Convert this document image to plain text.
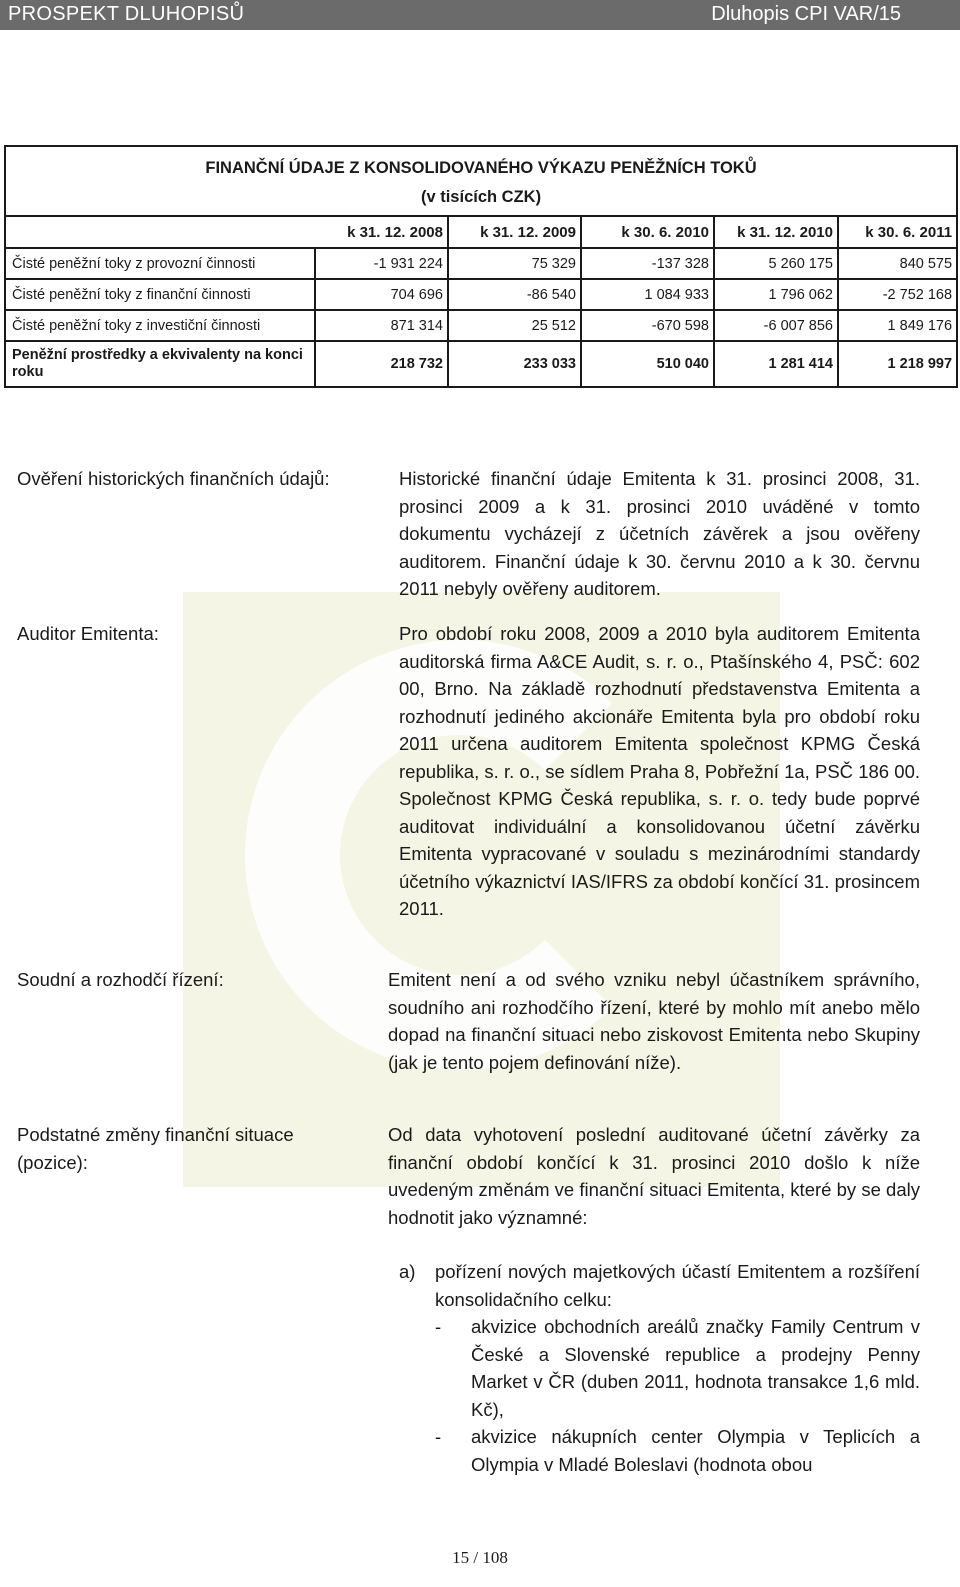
PROSPEKT DLUHOPISŮ	Dluhopis CPI VAR/15
FINANČNÍ ÚDAJE Z KONSOLIDOVANÉHO VÝKAZU PENĚŽNÍCH TOKŮ
(v tisících CZK)					

	k 31. 12. 2008	k 31. 12. 2009	k 30. 6. 2010	k 31. 12. 2010	k 30. 6. 2011
Čisté peněžní toky z provozní činnosti	-1 931 224	75 329	-137 328	5 260 175	840 575
Čisté peněžní toky z finanční činnosti	704 696	-86 540	1 084 933	1 796 062	-2 752 168
Čisté peněžní toky z investiční činnosti	871 314	25 512	-670 598	-6 007 856	1 849 176
Peněžní prostředky a ekvivalenty na konci roku	218 732	233 033	510 040	1 281 414	1 218 997
Ověření historických finančních údajů:	Historické finanční údaje Emitenta k 31. prosinci 2008, 31. prosinci 2009 a k 31. prosinci 2010 uváděné v tomto dokumentu vycházejí z účetních závěrek a jsou ověřeny auditorem. Finanční údaje k 30. červnu 2010 a k 30. červnu 2011 nebyly ověřeny auditorem.
Auditor Emitenta:	Pro období roku 2008, 2009 a 2010 byla auditorem Emitenta auditorská firma A&CE Audit, s. r. o., Ptašínského 4, PSČ: 602 00, Brno. Na základě rozhodnutí představenstva Emitenta a rozhodnutí jediného akcionáře Emitenta byla pro období roku 2011 určena auditorem Emitenta společnost KPMG Česká republika, s. r. o., se sídlem Praha 8, Pobřežní 1a, PSČ 186 00. Společnost KPMG Česká republika, s. r. o. tedy bude poprvé auditovat individuální a konsolidovanou účetní závěrku Emitenta vypracované v souladu s mezinárodními standardy účetního výkaznictví IAS/IFRS za období končící 31. prosincem 2011.
Soudní a rozhodčí řízení:	Emitent není a od svého vzniku nebyl účastníkem správního, soudního ani rozhodčího řízení, které by mohlo mít anebo mělo dopad na finanční situaci nebo ziskovost Emitenta nebo Skupiny (jak je tento pojem definování níže).
Podstatné změny finanční situace (pozice):
Od data vyhotovení poslední auditované účetní závěrky za finanční období končící k 31. prosinci 2010 došlo k níže uvedeným změnám ve finanční situaci Emitenta, které by se daly hodnotit jako významné:
a)	pořízení nových majetkových účastí Emitentem a rozšíření konsolidačního celku:
-	akvizice obchodních areálů značky Family Centrum v České a Slovenské republice a prodejny Penny Market v ČR (duben 2011, hodnota transakce 1,6 mld. Kč),
-	akvizice nákupních center Olympia v Teplicích a Olympia v Mladé Boleslavi (hodnota obou
15 / 108
